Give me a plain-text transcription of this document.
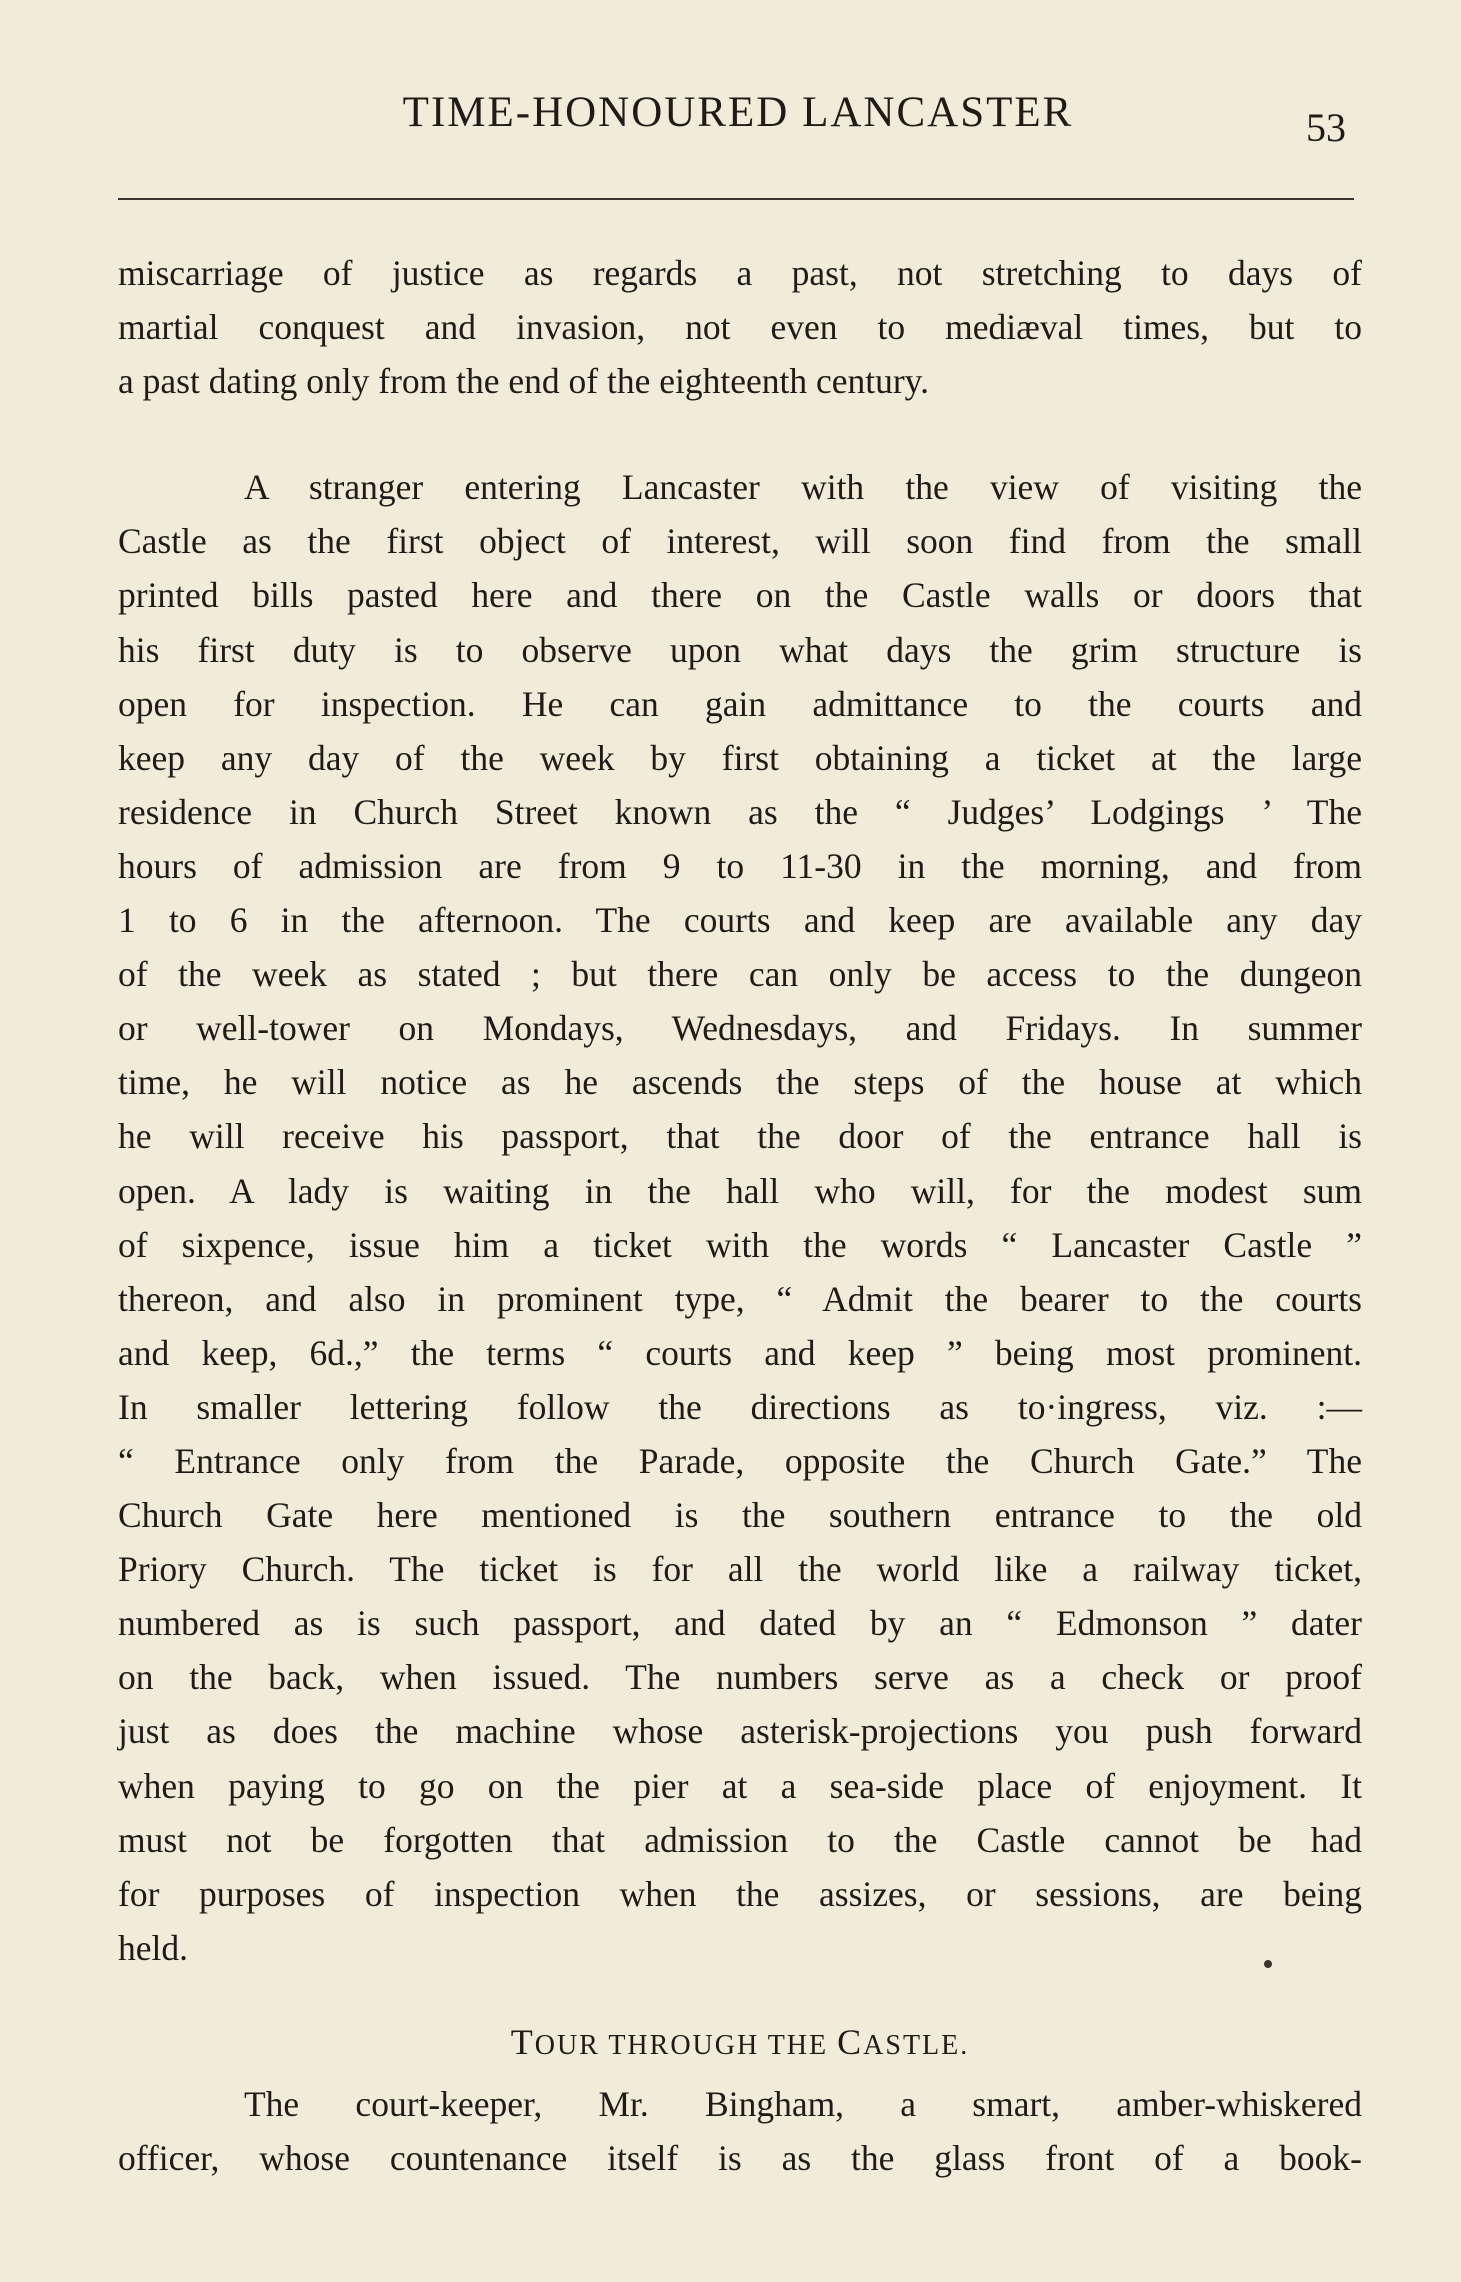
TIME-HONOURED LANCASTER	53
miscarriage of justice as regards a past, not stretching to days of
martial conquest and invasion, not even to mediæval times, but to
a past dating only from the end of the eighteenth century.
A stranger entering Lancaster with the view of visiting the
Castle as the first object of interest, will soon find from the small
printed bills pasted here and there on the Castle walls or doors that
his first duty is to observe upon what days the grim structure is
open for inspection. He can gain admittance to the courts and
keep any day of the week by first obtaining a ticket at the large
residence in Church Street known as the “ Judges’ Lodgings ’ The
hours of admission are from 9 to 11-30 in the morning, and from
1 to 6 in the afternoon. The courts and keep are available any day
of the week as stated ; but there can only be access to the dungeon
or well-tower on Mondays, Wednesdays, and Fridays. In summer
time, he will notice as he ascends the steps of the house at which
he will receive his passport, that the door of the entrance hall is
open. A lady is waiting in the hall who will, for the modest sum
of sixpence, issue him a ticket with the words “ Lancaster Castle ”
thereon, and also in prominent type, “ Admit the bearer to the courts
and keep, 6d.,” the terms “ courts and keep ” being most prominent.
In smaller lettering follow the directions as to·ingress, viz. :—
“ Entrance only from the Parade, opposite the Church Gate.” The
Church Gate here mentioned is the southern entrance to the old
Priory Church. The ticket is for all the world like a railway ticket,
numbered as is such passport, and dated by an “ Edmonson ” dater
on the back, when issued. The numbers serve as a check or proof
just as does the machine whose asterisk-projections you push forward
when paying to go on the pier at a sea-side place of enjoyment. It
must not be forgotten that admission to the Castle cannot be had
for purposes of inspection when the assizes, or sessions, are being
held.
TOUR THROUGH THE CASTLE.
The court-keeper, Mr. Bingham, a smart, amber-whiskered
officer, whose countenance itself is as the glass front of a book-
